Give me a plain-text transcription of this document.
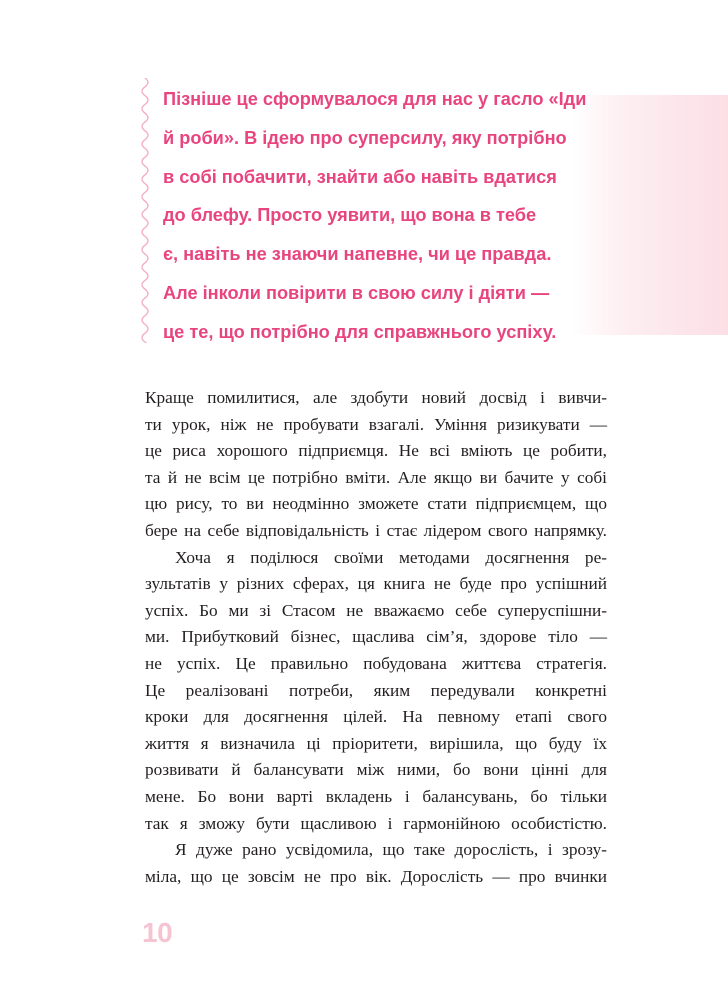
Пізніше це сформувалося для нас у гасло «Іди
й роби». В ідею про суперсилу, яку потрібно
в собі побачити, знайти або навіть вдатися
до блефу. Просто уявити, що вона в тебе
є, навіть не знаючи напевне, чи це правда.
Але інколи повірити в свою силу і діяти —
це те, що потрібно для справжнього успіху.
Краще помилитися, але здобути новий досвід і вивчи-
ти урок, ніж не пробувати взагалі. Уміння ризикувати —
це риса хорошого підприємця. Не всі вміють це робити,
та й не всім це потрібно вміти. Але якщо ви бачите у собі
цю рису, то ви неодмінно зможете стати підприємцем, що
бере на себе відповідальність і стає лідером свого напрямку.
Хоча я поділюся своїми методами досягнення ре-
зультатів у різних сферах, ця книга не буде про успішний
успіх. Бо ми зі Стасом не вважаємо себе суперуспішни-
ми. Прибутковий бізнес, щаслива сім’я, здорове тіло —
не успіх. Це правильно побудована життєва стратегія.
Це реалізовані потреби, яким передували конкретні
кроки для досягнення цілей. На певному етапі свого
життя я визначила ці пріоритети, вирішила, що буду їх
розвивати й балансувати між ними, бо вони цінні для
мене. Бо вони варті вкладень і балансувань, бо тільки
так я зможу бути щасливою і гармонійною особистістю.
Я дуже рано усвідомила, що таке дорослість, і зрозу-
міла, що це зовсім не про вік. Дорослість — про вчинки
10
